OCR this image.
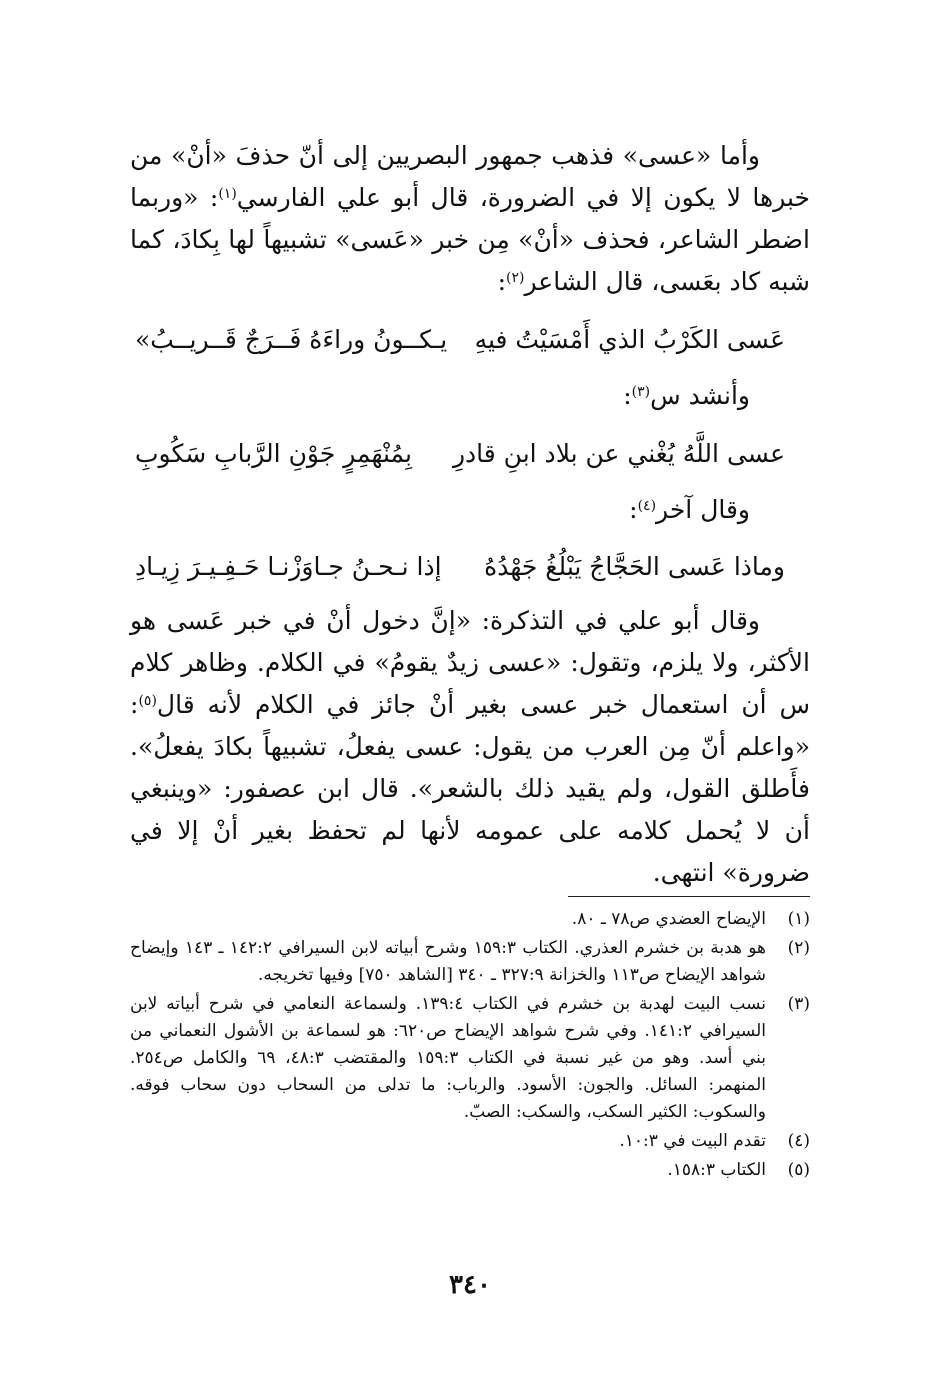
وأما «عسى» فذهب جمهور البصريين إلى أنّ حذفَ «أنْ» من خبرها لا يكون إلا في الضرورة، قال أبو علي الفارسي$^{(١)}$: «وربما اضطر الشاعر، فحذف «أنْ» مِن خبر «عَسى» تشبيهاً لها بِكادَ، كما شبه كاد بعَسى، قال الشاعر$^{(٢)}$:

عَسى الكَرْبُ الذي أَمْسَيْتُ فيهِ
يـكــونُ وراءَهُ فَــرَجٌ قَــريــبُ»
وأنشد س$^{(٣)}$:
عسى اللَّهُ يُغْني عن بلاد ابنِ قادرِ
بِمُنْهَمِرٍ جَوْنِ الرَّبابِ سَكُوبِ
وقال آخر$^{(٤)}$:
وماذا عَسى الحَجَّاجُ يَبْلُغُ جَهْدُهُ
إذا نـحـنُ جـاوَزْنـا حَـفِـيـرَ زِيـادِ

وقال أبو علي في التذكرة: «إنَّ دخول أنْ في خبر عَسى هو الأكثر، ولا يلزم، وتقول: «عسى زيدٌ يقومُ» في الكلام. وظاهر كلام س أن استعمال خبر عسى بغير أنْ جائز في الكلام لأنه قال$^{(٥)}$: «واعلم أنّ مِن العرب من يقول: عسى يفعلُ، تشبيهاً بكادَ يفعلُ». فأَطلق القول، ولم يقيد ذلك بالشعر». قال ابن عصفور: «وينبغي أن لا يُحمل كلامه على عمومه لأنها لم تحفظ بغير أنْ إلا في ضرورة» انتهى.

(١)
الإيضاح العضدي ص٧٨ ـ ٨٠.
(٢)
هو هدبة بن خشرم العذري. الكتاب ١٥٩:٣ وشرح أبياته لابن السيرافي ١٤٢:٢ ـ ١٤٣ وإيضاح شواهد الإيضاح ص١١٣ والخزانة ٣٢٧:٩ ـ ٣٤٠ [الشاهد ٧٥٠] وفيها تخريجه.
(٣)
نسب البيت لهدبة بن خشرم في الكتاب ١٣٩:٤. ولسماعة النعامي في شرح أبياته لابن السيرافي ١٤١:٢. وفي شرح شواهد الإيضاح ص٦٢٠: هو لسماعة بن الأشول النعماني من بني أسد. وهو من غير نسبة في الكتاب ١٥٩:٣ والمقتضب ٤٨:٣، ٦٩ والكامل ص٢٥٤. المنهمر: السائل. والجون: الأسود. والرباب: ما تدلى من السحاب دون سحاب فوقه. والسكوب: الكثير السكب، والسكب: الصبّ.
(٤)
تقدم البيت في ١٠:٣.
(٥)
الكتاب ١٥٨:٣.
٣٤٠
